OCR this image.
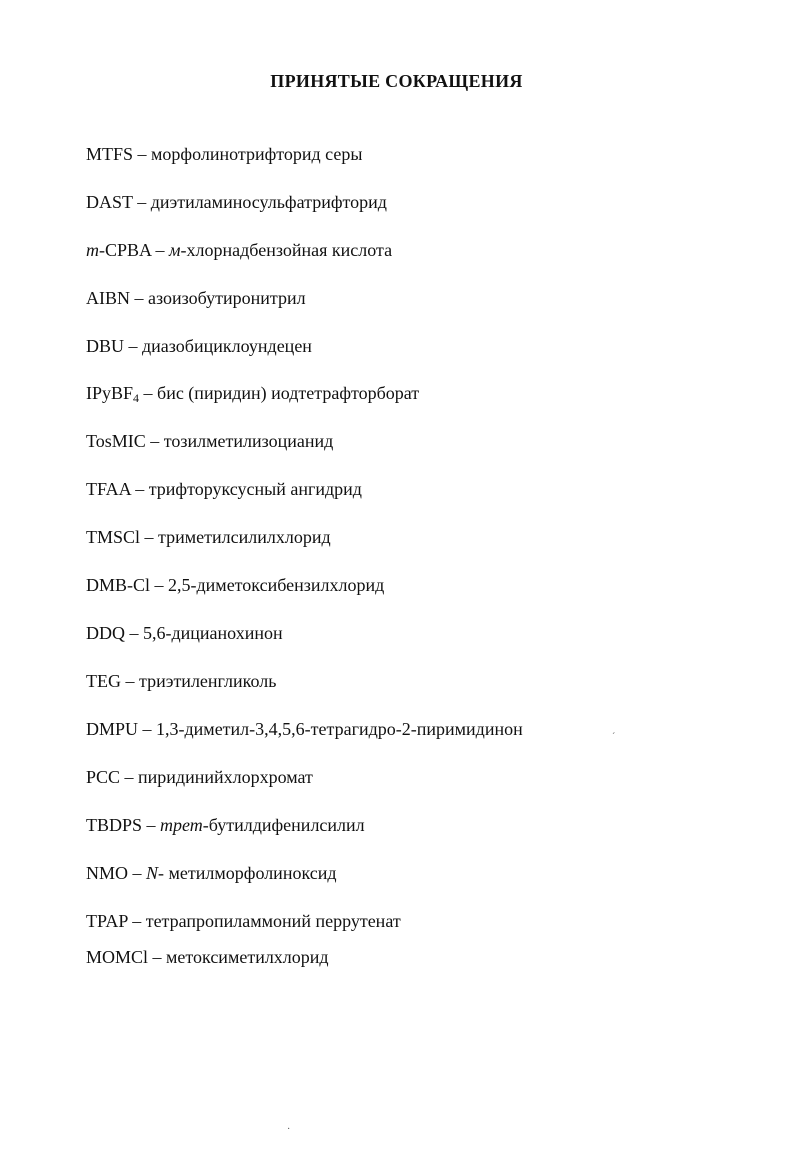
ПРИНЯТЫЕ СОКРАЩЕНИЯ
MTFS – морфолинотрифторид серы
DAST – диэтиламиносульфатрифторид
m-CPBA – м-хлорнадбензойная кислота
AIBN – азоизобутиронитрил
DBU – диазобициклоундецен
IPyBF$_4$ – бис (пиридин) иодтетрафторборат
TosMIC – тозилметилизоцианид
TFAA – трифторуксусный ангидрид
TMSCl – триметилсилилхлорид
DMB-Cl – 2,5-диметоксибензилхлорид
DDQ – 5,6-дицианохинон
TEG – триэтиленгликоль
DMPU – 1,3-диметил-3,4,5,6-тетрагидро-2-пиримидинон
PCC – пиридинийхлорхромат
TBDPS – трет-бутилдифенилсилил
NMO – N- метилморфолиноксид
TPAP – тетрапропиламмоний перрутенат
MOMCl – метоксиметилхлорид
ˊ
·
